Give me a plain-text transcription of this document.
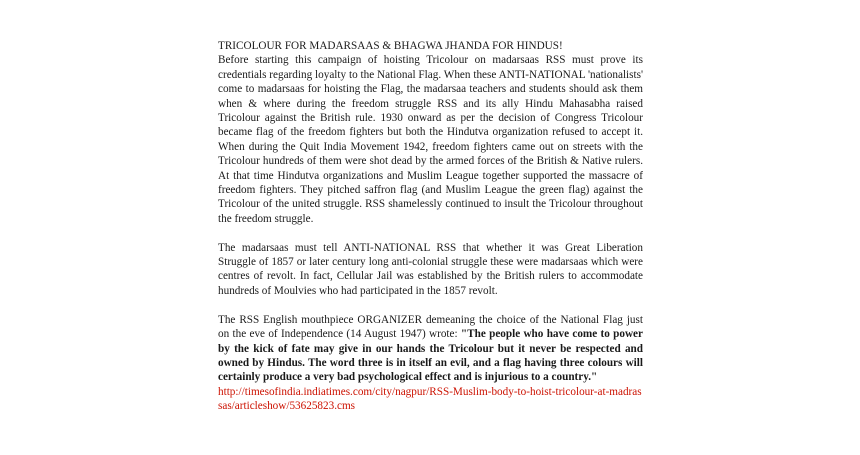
TRICOLOUR FOR MADARSAAS & BHAGWA JHANDA FOR HINDUS!

Before starting this campaign of hoisting Tricolour on madarsaas RSS must prove its credentials regarding loyalty to the National Flag. When these ANTI-NATIONAL 'nationalists' come to madarsaas for hoisting the Flag, the madarsaa teachers and students should ask them when & where during the freedom struggle RSS and its ally Hindu Mahasabha raised Tricolour against the British rule. 1930 onward as per the decision of Congress Tricolour became flag of the freedom fighters but both the Hindutva organization refused to accept it. When during the Quit India Movement 1942, freedom fighters came out on streets with the Tricolour hundreds of them were shot dead by the armed forces of the British & Native rulers. At that time Hindutva organizations and Muslim League together supported the massacre of freedom fighters. They pitched saffron flag (and Muslim League the green flag) against the Tricolour of the united struggle. RSS shamelessly continued to insult the Tricolour throughout the freedom struggle.

The madarsaas must tell ANTI-NATIONAL RSS that whether it was Great Liberation Struggle of 1857 or later century long anti-colonial struggle these were madarsaas which were centres of revolt. In fact, Cellular Jail was established by the British rulers to accommodate hundreds of Moulvies who had participated in the 1857 revolt.

The RSS English mouthpiece ORGANIZER demeaning the choice of the National Flag just on the eve of Independence (14 August 1947) wrote: "The people who have come to power by the kick of fate may give in our hands the Tricolour but it never be respected and owned by Hindus. The word three is in itself an evil, and a flag having three colours will certainly produce a very bad psychological effect and is injurious to a country."

http://timesofindia.indiatimes.com/city/nagpur/RSS-Muslim-body-to-hoist-tricolour-at-madrassas/articleshow/53625823.cms
